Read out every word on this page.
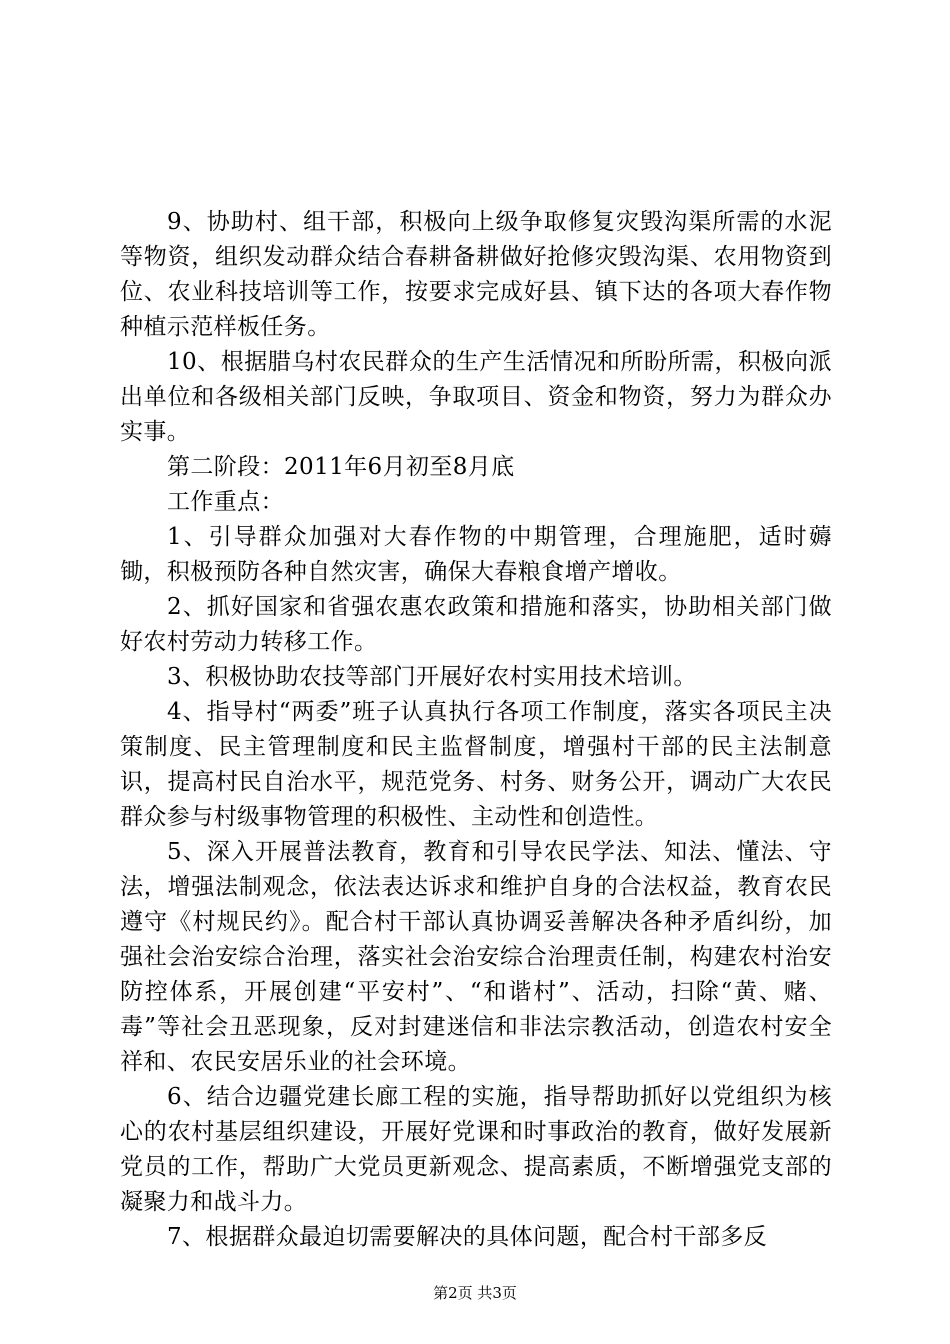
9、协助村、组干部，积极向上级争取修复灾毁沟渠所需的水泥等物资，组织发动群众结合春耕备耕做好抢修灾毁沟渠、农用物资到位、农业科技培训等工作，按要求完成好县、镇下达的各项大春作物种植示范样板任务。

10、根据腊乌村农民群众的生产生活情况和所盼所需，积极向派出单位和各级相关部门反映，争取项目、资金和物资，努力为群众办实事。

第二阶段：2011年6月初至8月底

工作重点：

1、引导群众加强对大春作物的中期管理，合理施肥，适时薅锄，积极预防各种自然灾害，确保大春粮食增产增收。

2、抓好国家和省强农惠农政策和措施和落实，协助相关部门做好农村劳动力转移工作。

3、积极协助农技等部门开展好农村实用技术培训。

4、指导村“两委”班子认真执行各项工作制度，落实各项民主决策制度、民主管理制度和民主监督制度，增强村干部的民主法制意识，提高村民自治水平，规范党务、村务、财务公开，调动广大农民群众参与村级事物管理的积极性、主动性和创造性。

5、深入开展普法教育，教育和引导农民学法、知法、懂法、守法，增强法制观念，依法表达诉求和维护自身的合法权益，教育农民遵守《村规民约》。配合村干部认真协调妥善解决各种矛盾纠纷，加强社会治安综合治理，落实社会治安综合治理责任制，构建农村治安防控体系，开展创建“平安村”、“和谐村”、活动，扫除“黄、赌、毒”等社会丑恶现象，反对封建迷信和非法宗教活动，创造农村安全祥和、农民安居乐业的社会环境。

6、结合边疆党建长廊工程的实施，指导帮助抓好以党组织为核心的农村基层组织建设，开展好党课和时事政治的教育，做好发展新党员的工作，帮助广大党员更新观念、提高素质，不断增强党支部的凝聚力和战斗力。

7、根据群众最迫切需要解决的具体问题，配合村干部多反

第2页 共3页
